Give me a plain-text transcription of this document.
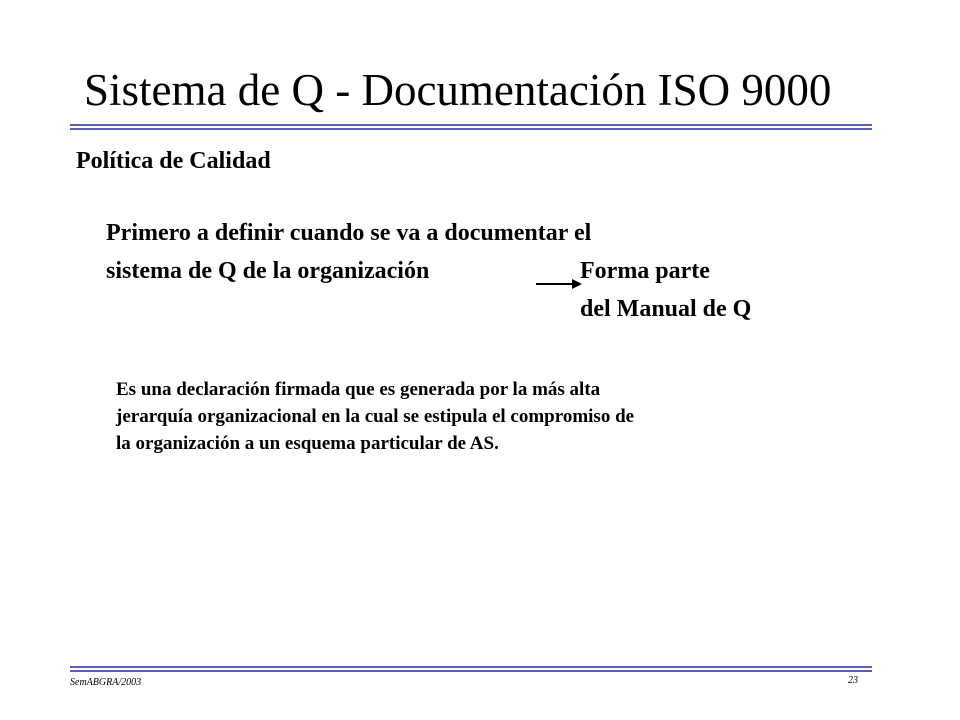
Sistema de Q - Documentación ISO 9000
Política de Calidad
Primero a definir cuando se va a documentar el
sistema de Q de la organización	Forma parte
del Manual de Q
Es una declaración firmada que es generada por la más alta
jerarquía organizacional en la cual se estipula el compromiso de
la organización a un esquema particular de AS.
SemABGRA/2003	23
